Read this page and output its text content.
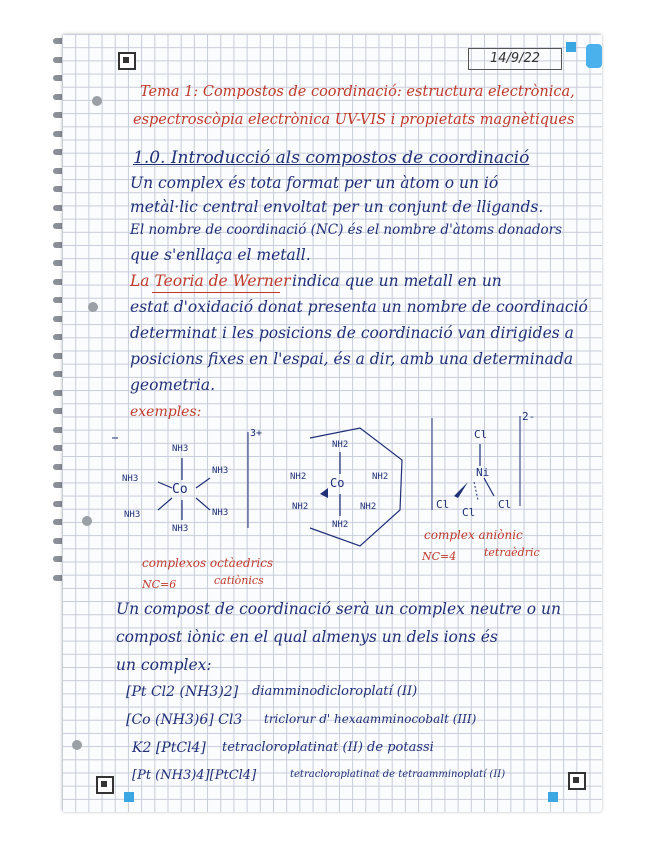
14/9/22
Tema 1: Compostos de coordinació: estructura electrònica,
espectroscòpia electrònica UV-VIS i propietats magnètiques
1.0. Introducció als compostos de coordinació
Un complex és tota format per un àtom o un ió
metàl·lic central envoltat per un conjunt de lligands.
El nombre de coordinació (NC) és el nombre d'àtoms donadors
que s'enllaça el metall.
La Teoria de Werner indica que un metall en un
estat d'oxidació donat presenta un nombre de coordinació
determinat i les posicions de coordinació van dirigides a
posicions fixes en l'espai, és a dir, amb una determinada
geometria.
exemples:
NH3
NH3
NH3
Co
NH3	NH3
NH3
3+
NH2
NH2 Co	NH2
NH2	NH2
NH2
Cl
Ni
Cl
Cl
Cl
2-
complexos octàedrics
catiònics
NC=6
complex aniònic
tetraèdric
NC=4
Un compost de coordinació serà un complex neutre o un
compost iònic en el qual almenys un dels ions és
un complex:
[Pt Cl2 (NH3)2] diamminodicloroplatí (II)
[Co (NH3)6] Cl3 triclorur d' hexaamminocobalt (III)
K2 [PtCl4] tetracloroplatinat (II) de potassi
[Pt (NH3)4][PtCl4]	tetracloroplatinat de tetraamminoplatí (II)
